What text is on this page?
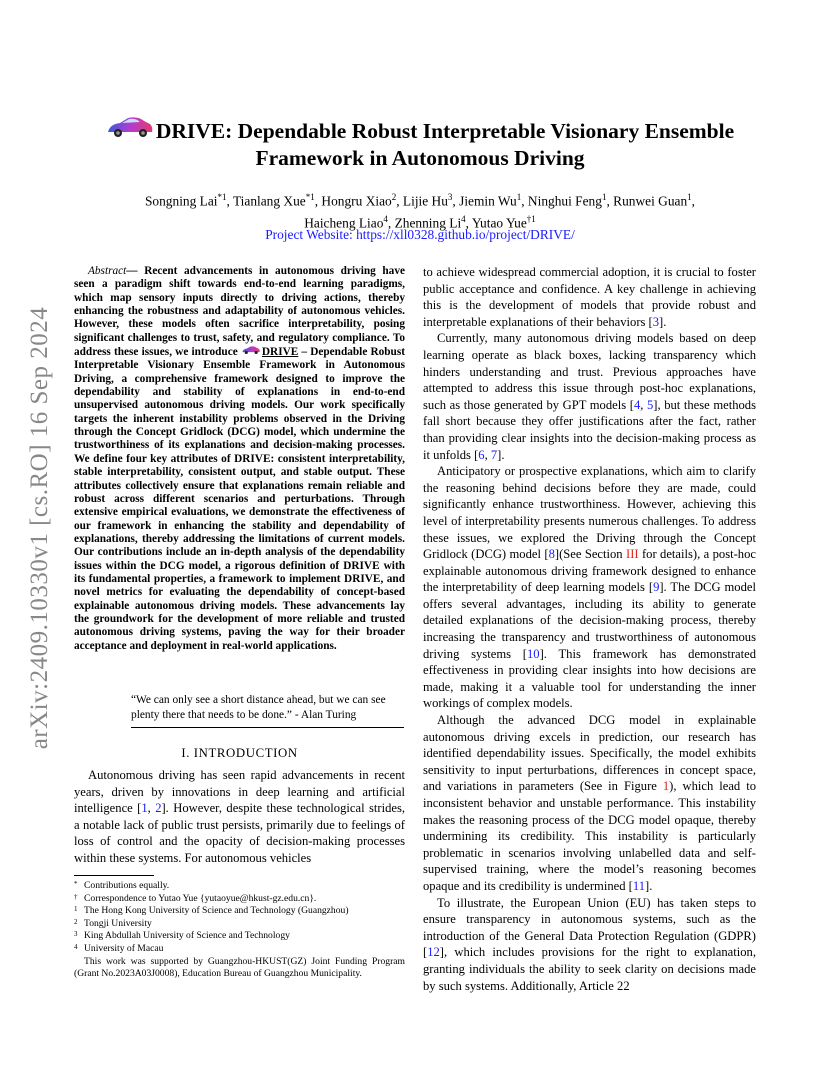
arXiv:2409.10330v1 [cs.RO] 16 Sep 2024
DRIVE: Dependable Robust Interpretable Visionary Ensemble Framework in Autonomous Driving
Songning Lai$^{*1}$, Tianlang Xue$^{*1}$, Hongru Xiao$^2$, Lijie Hu$^3$, Jiemin Wu$^1$, Ninghui Feng$^1$, Runwei Guan$^1$,
Haicheng Liao$^4$, Zhenning Li$^4$, Yutao Yue$^{\dagger 1}$
Project Website: https://xll0328.github.io/project/DRIVE/
Abstract— Recent advancements in autonomous driving have seen a paradigm shift towards end-to-end learning paradigms, which map sensory inputs directly to driving actions, thereby enhancing the robustness and adaptability of autonomous vehicles. However, these models often sacrifice interpretability, posing significant challenges to trust, safety, and regulatory compliance. To address these issues, we introduce DRIVE – Dependable Robust Interpretable Visionary Ensemble Framework in Autonomous Driving, a comprehensive framework designed to improve the dependability and stability of explanations in end-to-end unsupervised autonomous driving models. Our work specifically targets the inherent instability problems observed in the Driving through the Concept Gridlock (DCG) model, which undermine the trustworthiness of its explanations and decision-making processes. We define four key attributes of DRIVE: consistent interpretability, stable interpretability, consistent output, and stable output. These attributes collectively ensure that explanations remain reliable and robust across different scenarios and perturbations. Through extensive empirical evaluations, we demonstrate the effectiveness of our framework in enhancing the stability and dependability of explanations, thereby addressing the limitations of current models. Our contributions include an in-depth analysis of the dependability issues within the DCG model, a rigorous definition of DRIVE with its fundamental properties, a framework to implement DRIVE, and novel metrics for evaluating the dependability of concept-based explainable autonomous driving models. These advancements lay the groundwork for the development of more reliable and trusted autonomous driving systems, paving the way for their broader acceptance and deployment in real-world applications.
“We can only see a short distance ahead, but we can see plenty there that needs to be done.” - Alan Turing
I. INTRODUCTION
Autonomous driving has seen rapid advancements in recent years, driven by innovations in deep learning and artificial intelligence [1, 2]. However, despite these technological strides, a notable lack of public trust persists, primarily due to feelings of loss of control and the opacity of decision-making processes within these systems. For autonomous vehicles

* Contributions equally.

† Correspondence to Yutao Yue {yutaoyue@hkust-gz.edu.cn}.

1 The Hong Kong University of Science and Technology (Guangzhou)

2 Tongji University

3 King Abdullah University of Science and Technology

4 University of Macau

This work was supported by Guangzhou-HKUST(GZ) Joint Funding Program (Grant No.2023A03J0008), Education Bureau of Guangzhou Municipality.

to achieve widespread commercial adoption, it is crucial to foster public acceptance and confidence. A key challenge in achieving this is the development of models that provide robust and interpretable explanations of their behaviors [3].

Currently, many autonomous driving models based on deep learning operate as black boxes, lacking transparency which hinders understanding and trust. Previous approaches have attempted to address this issue through post-hoc explanations, such as those generated by GPT models [4, 5], but these methods fall short because they offer justifications after the fact, rather than providing clear insights into the decision-making process as it unfolds [6, 7].

Anticipatory or prospective explanations, which aim to clarify the reasoning behind decisions before they are made, could significantly enhance trustworthiness. However, achieving this level of interpretability presents numerous challenges. To address these issues, we explored the Driving through the Concept Gridlock (DCG) model [8](See Section III for details), a post-hoc explainable autonomous driving framework designed to enhance the interpretability of deep learning models [9]. The DCG model offers several advantages, including its ability to generate detailed explanations of the decision-making process, thereby increasing the transparency and trustworthiness of autonomous driving systems [10]. This framework has demonstrated effectiveness in providing clear insights into how decisions are made, making it a valuable tool for understanding the inner workings of complex models.

Although the advanced DCG model in explainable autonomous driving excels in prediction, our research has identified dependability issues. Specifically, the model exhibits sensitivity to input perturbations, differences in concept space, and variations in parameters (See in Figure 1), which lead to inconsistent behavior and unstable performance. This instability makes the reasoning process of the DCG model opaque, thereby undermining its credibility. This instability is particularly problematic in scenarios involving unlabelled data and self-supervised training, where the model’s reasoning becomes opaque and its credibility is undermined [11].

To illustrate, the European Union (EU) has taken steps to ensure transparency in autonomous systems, such as the introduction of the General Data Protection Regulation (GDPR) [12], which includes provisions for the right to explanation, granting individuals the ability to seek clarity on decisions made by such systems. Additionally, Article 22
